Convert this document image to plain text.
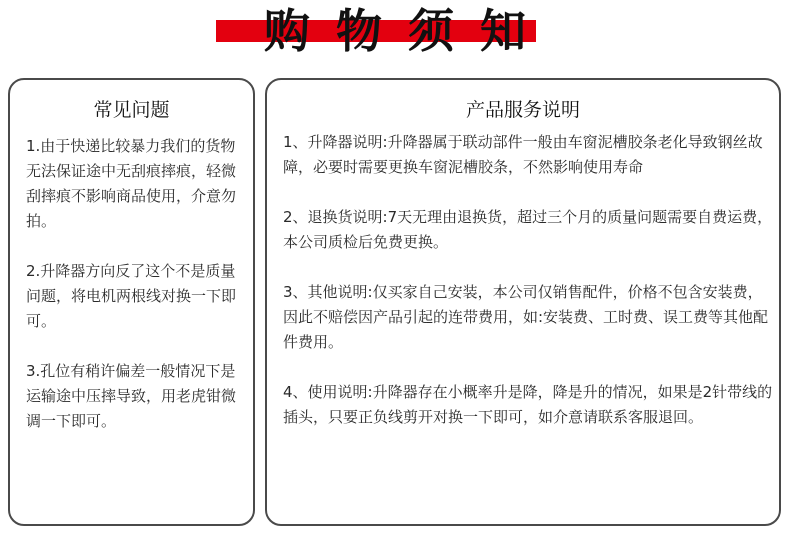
购物须知
常见问题
1.由于快递比较暴力我们的货物无法保证途中无刮痕摔痕，轻微刮摔痕不影响商品使用，介意勿拍。
2.升降器方向反了这个不是质量问题，将电机两根线对换一下即可。
3.孔位有稍许偏差一般情况下是运输途中压摔导致，用老虎钳微调一下即可。
产品服务说明
1、升降器说明:升降器属于联动部件一般由车窗泥槽胶条老化导致钢丝故障，必要时需要更换车窗泥槽胶条，不然影响使用寿命
2、退换货说明:7天无理由退换货，超过三个月的质量问题需要自费运费，本公司质检后免费更换。
3、其他说明:仅买家自己安装，本公司仅销售配件，价格不包含安装费，因此不赔偿因产品引起的连带费用，如:安装费、工时费、误工费等其他配件费用。
4、使用说明:升降器存在小概率升是降，降是升的情况，如果是2针带线的插头，只要正负线剪开对换一下即可，如介意请联系客服退回。
